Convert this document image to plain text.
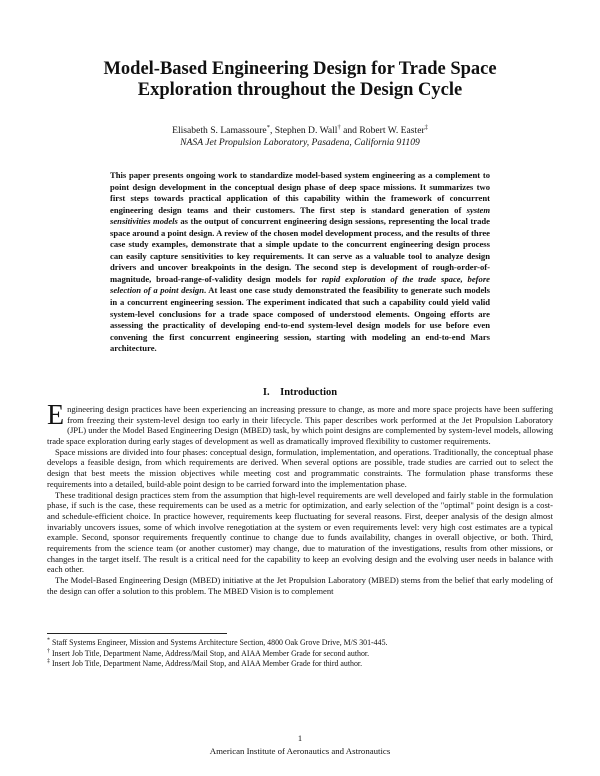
Model-Based Engineering Design for Trade Space
Exploration throughout the Design Cycle
Elisabeth S. Lamassoure*, Stephen D. Wall† and Robert W. Easter‡
NASA Jet Propulsion Laboratory, Pasadena, California 91109
This paper presents ongoing work to standardize model-based system engineering as a complement to point design development in the conceptual design phase of deep space missions. It summarizes two first steps towards practical application of this capability within the framework of concurrent engineering design teams and their customers. The first step is standard generation of system sensitivities models as the output of concurrent engineering design sessions, representing the local trade space around a point design. A review of the chosen model development process, and the results of three case study examples, demonstrate that a simple update to the concurrent engineering design process can easily capture sensitivities to key requirements. It can serve as a valuable tool to analyze design drivers and uncover breakpoints in the design. The second step is development of rough-order-of-magnitude, broad-range-of-validity design models for rapid exploration of the trade space, before selection of a point design. At least one case study demonstrated the feasibility to generate such models in a concurrent engineering session. The experiment indicated that such a capability could yield valid system-level conclusions for a trade space composed of understood elements. Ongoing efforts are assessing the practicality of developing end-to-end system-level design models for use before even convening the first concurrent engineering session, starting with modeling an end-to-end Mars architecture.
I.    Introduction

Engineering design practices have been experiencing an increasing pressure to change, as more and more space projects have been suffering from freezing their system-level design too early in their lifecycle. This paper describes work performed at the Jet Propulsion Laboratory (JPL) under the Model Based Engineering Design (MBED) task, by which point designs are complemented by system-level models, allowing trade space exploration during early stages of development as well as dramatically improved flexibility to customer requirements.

Space missions are divided into four phases: conceptual design, formulation, implementation, and operations. Traditionally, the conceptual phase develops a feasible design, from which requirements are derived. When several options are possible, trade studies are carried out to select the design that best meets the mission objectives while meeting cost and programmatic constraints. The formulation phase transforms these requirements into a detailed, build-able point design to be carried forward into the implementation phase.

These traditional design practices stem from the assumption that high-level requirements are well developed and fairly stable in the formulation phase, if such is the case, these requirements can be used as a metric for optimization, and early selection of the "optimal" point design is a cost- and schedule-efficient choice. In practice however, requirements keep fluctuating for several reasons. First, deeper analysis of the design almost invariably uncovers issues, some of which involve renegotiation at the system or even requirements level: very high cost estimates are a typical example. Second, sponsor requirements frequently continue to change due to funds availability, changes in overall objective, or both. Third, requirements from the science team (or another customer) may change, due to maturation of the investigations, results from other missions, or changes in the target itself. The result is a critical need for the capability to keep an evolving design and the evolving user needs in balance with each other.

The Model-Based Engineering Design (MBED) initiative at the Jet Propulsion Laboratory (MBED) stems from the belief that early modeling of the design can offer a solution to this problem. The MBED Vision is to complement

* Staff Systems Engineer, Mission and Systems Architecture Section, 4800 Oak Grove Drive, M/S 301-445.

† Insert Job Title, Department Name, Address/Mail Stop, and AIAA Member Grade for second author.

‡ Insert Job Title, Department Name, Address/Mail Stop, and AIAA Member Grade for third author.

1
American Institute of Aeronautics and Astronautics
